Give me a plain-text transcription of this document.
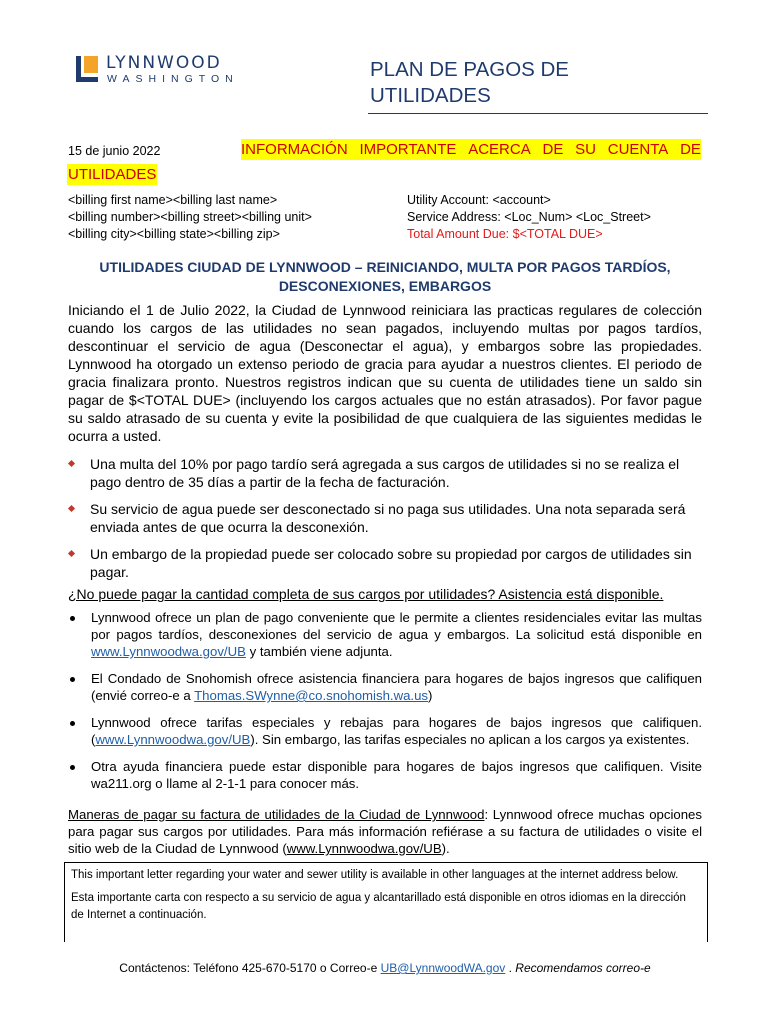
LYNNWOOD
WASHINGTON	PLAN DE PAGOS DE UTILIDADES
15 de junio 2022	INFORMACIÓN IMPORTANTE ACERCA DE SU CUENTA DE
UTILIDADES
<billing first name><billing last name>
<billing number><billing street><billing unit>
<billing city><billing state><billing zip>
Utility Account: <account>
Service Address: <Loc_Num> <Loc_Street>
Total Amount Due: $<TOTAL DUE>
UTILIDADES CIUDAD DE LYNNWOOD – REINICIANDO, MULTA POR PAGOS TARDÍOS, DESCONEXIONES, EMBARGOS
Iniciando el 1 de Julio 2022, la Ciudad de Lynnwood reiniciara las practicas regulares de colección cuando los cargos de las utilidades no sean pagados, incluyendo multas por pagos tardíos, descontinuar el servicio de agua (Desconectar el agua), y embargos sobre las propiedades. Lynnwood ha otorgado un extenso periodo de gracia para ayudar a nuestros clientes. El periodo de gracia finalizara pronto. Nuestros registros indican que su cuenta de utilidades tiene un saldo sin pagar de $<TOTAL DUE> (incluyendo los cargos actuales que no están atrasados). Por favor pague su saldo atrasado de su cuenta y evite la posibilidad de que cualquiera de las siguientes medidas le ocurra a usted.
Una multa del 10% por pago tardío será agregada a sus cargos de utilidades si no se realiza el pago dentro de 35 días a partir de la fecha de facturación.
Su servicio de agua puede ser desconectado si no paga sus utilidades. Una nota separada será enviada antes de que ocurra la desconexión.
Un embargo de la propiedad puede ser colocado sobre su propiedad por cargos de utilidades sin pagar.
¿No puede pagar la cantidad completa de sus cargos por utilidades? Asistencia está disponible.
Lynnwood ofrece un plan de pago conveniente que le permite a clientes residenciales evitar las multas por pagos tardíos, desconexiones del servicio de agua y embargos. La solicitud está disponible en www.Lynnwoodwa.gov/UB y también viene adjunta.
El Condado de Snohomish ofrece asistencia financiera para hogares de bajos ingresos que califiquen (envié correo-e a Thomas.SWynne@co.snohomish.wa.us)
Lynnwood ofrece tarifas especiales y rebajas para hogares de bajos ingresos que califiquen. (www.Lynnwoodwa.gov/UB). Sin embargo, las tarifas especiales no aplican a los cargos ya existentes.
Otra ayuda financiera puede estar disponible para hogares de bajos ingresos que califiquen. Visite wa211.org o llame al 2-1-1 para conocer más.
Maneras de pagar su factura de utilidades de la Ciudad de Lynnwood: Lynnwood ofrece muchas opciones para pagar sus cargos por utilidades. Para más información refiérase a su factura de utilidades o visite el sitio web de la Ciudad de Lynnwood (www.Lynnwoodwa.gov/UB).

This important letter regarding your water and sewer utility is available in other languages at the internet address below.

Esta importante carta con respecto a su servicio de agua y alcantarillado está disponible en otros idiomas en la dirección de Internet a continuación.

Contáctenos: Teléfono 425-670-5170 o Correo-e UB@LynnwoodWA.gov . Recomendamos correo-e
